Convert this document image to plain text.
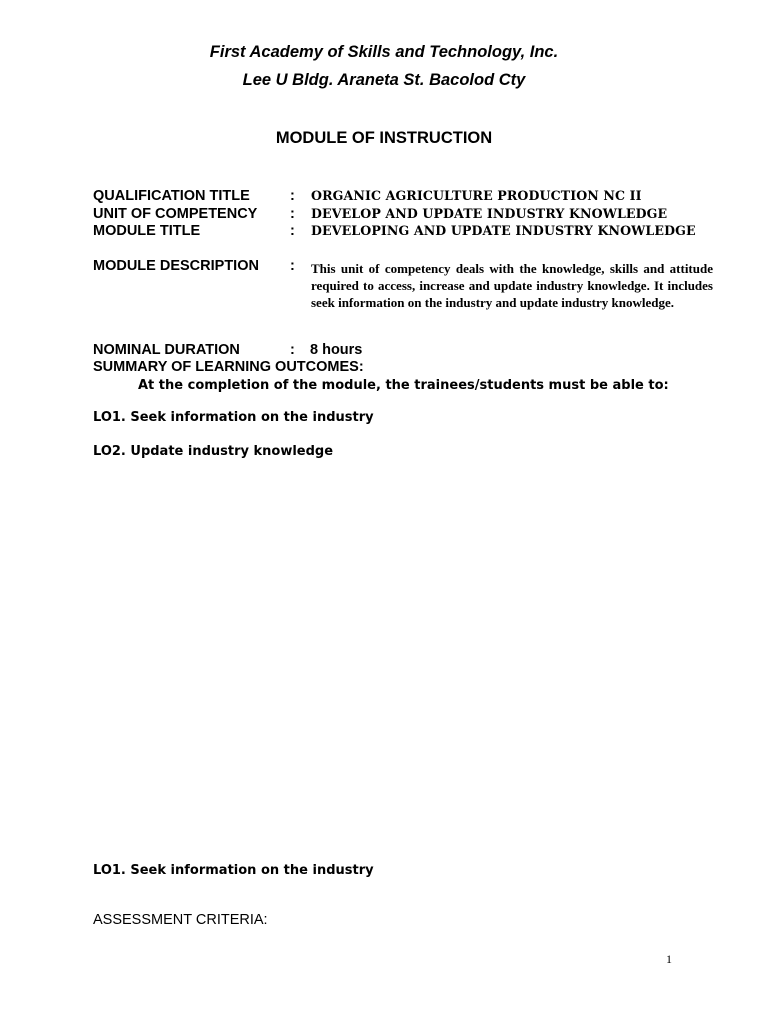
First Academy of Skills and Technology, Inc.
Lee U Bldg. Araneta St. Bacolod Cty
MODULE OF INSTRUCTION
QUALIFICATION TITLE	: ORGANIC AGRICULTURE PRODUCTION NC II
UNIT OF COMPETENCY : DEVELOP AND UPDATE INDUSTRY KNOWLEDGE
MODULE TITLE	: DEVELOPING AND UPDATE INDUSTRY KNOWLEDGE
MODULE DESCRIPTION : This unit of competency deals with the knowledge, skills and attitude required to access, increase and update industry knowledge. It includes seek information on the industry and update industry knowledge.
NOMINAL DURATION	: 8 hours
SUMMARY OF LEARNING OUTCOMES:
At the completion of the module, the trainees/students must be able to:
LO1. Seek information on the industry
LO2. Update industry knowledge
LO1. Seek information on the industry
ASSESSMENT CRITERIA:
1
